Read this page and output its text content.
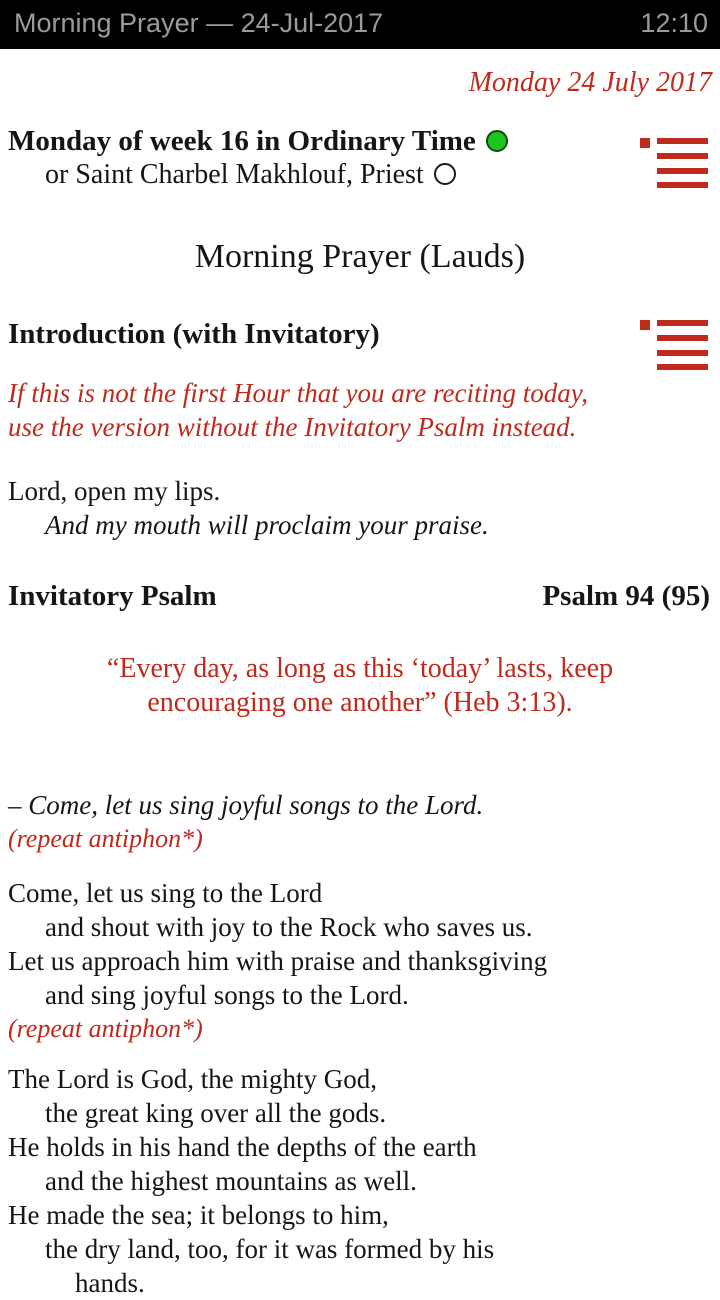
Morning Prayer — 24-Jul-2017	12:10
Monday 24 July 2017
Monday of week 16 in Ordinary Time
or Saint Charbel Makhlouf, Priest
Morning Prayer (Lauds)
Introduction (with Invitatory)
If this is not the first Hour that you are reciting today,
use the version without the Invitatory Psalm instead.
Lord, open my lips.
And my mouth will proclaim your praise.
Invitatory Psalm	Psalm 94 (95)
“Every day, as long as this ‘today’ lasts, keep
encouraging one another” (Heb 3:13).
– Come, let us sing joyful songs to the Lord.
(repeat antiphon*)
Come, let us sing to the Lord
and shout with joy to the Rock who saves us.
Let us approach him with praise and thanksgiving
and sing joyful songs to the Lord.
(repeat antiphon*)
The Lord is God, the mighty God,
the great king over all the gods.
He holds in his hand the depths of the earth
and the highest mountains as well.
He made the sea; it belongs to him,
the dry land, too, for it was formed by his
hands.
